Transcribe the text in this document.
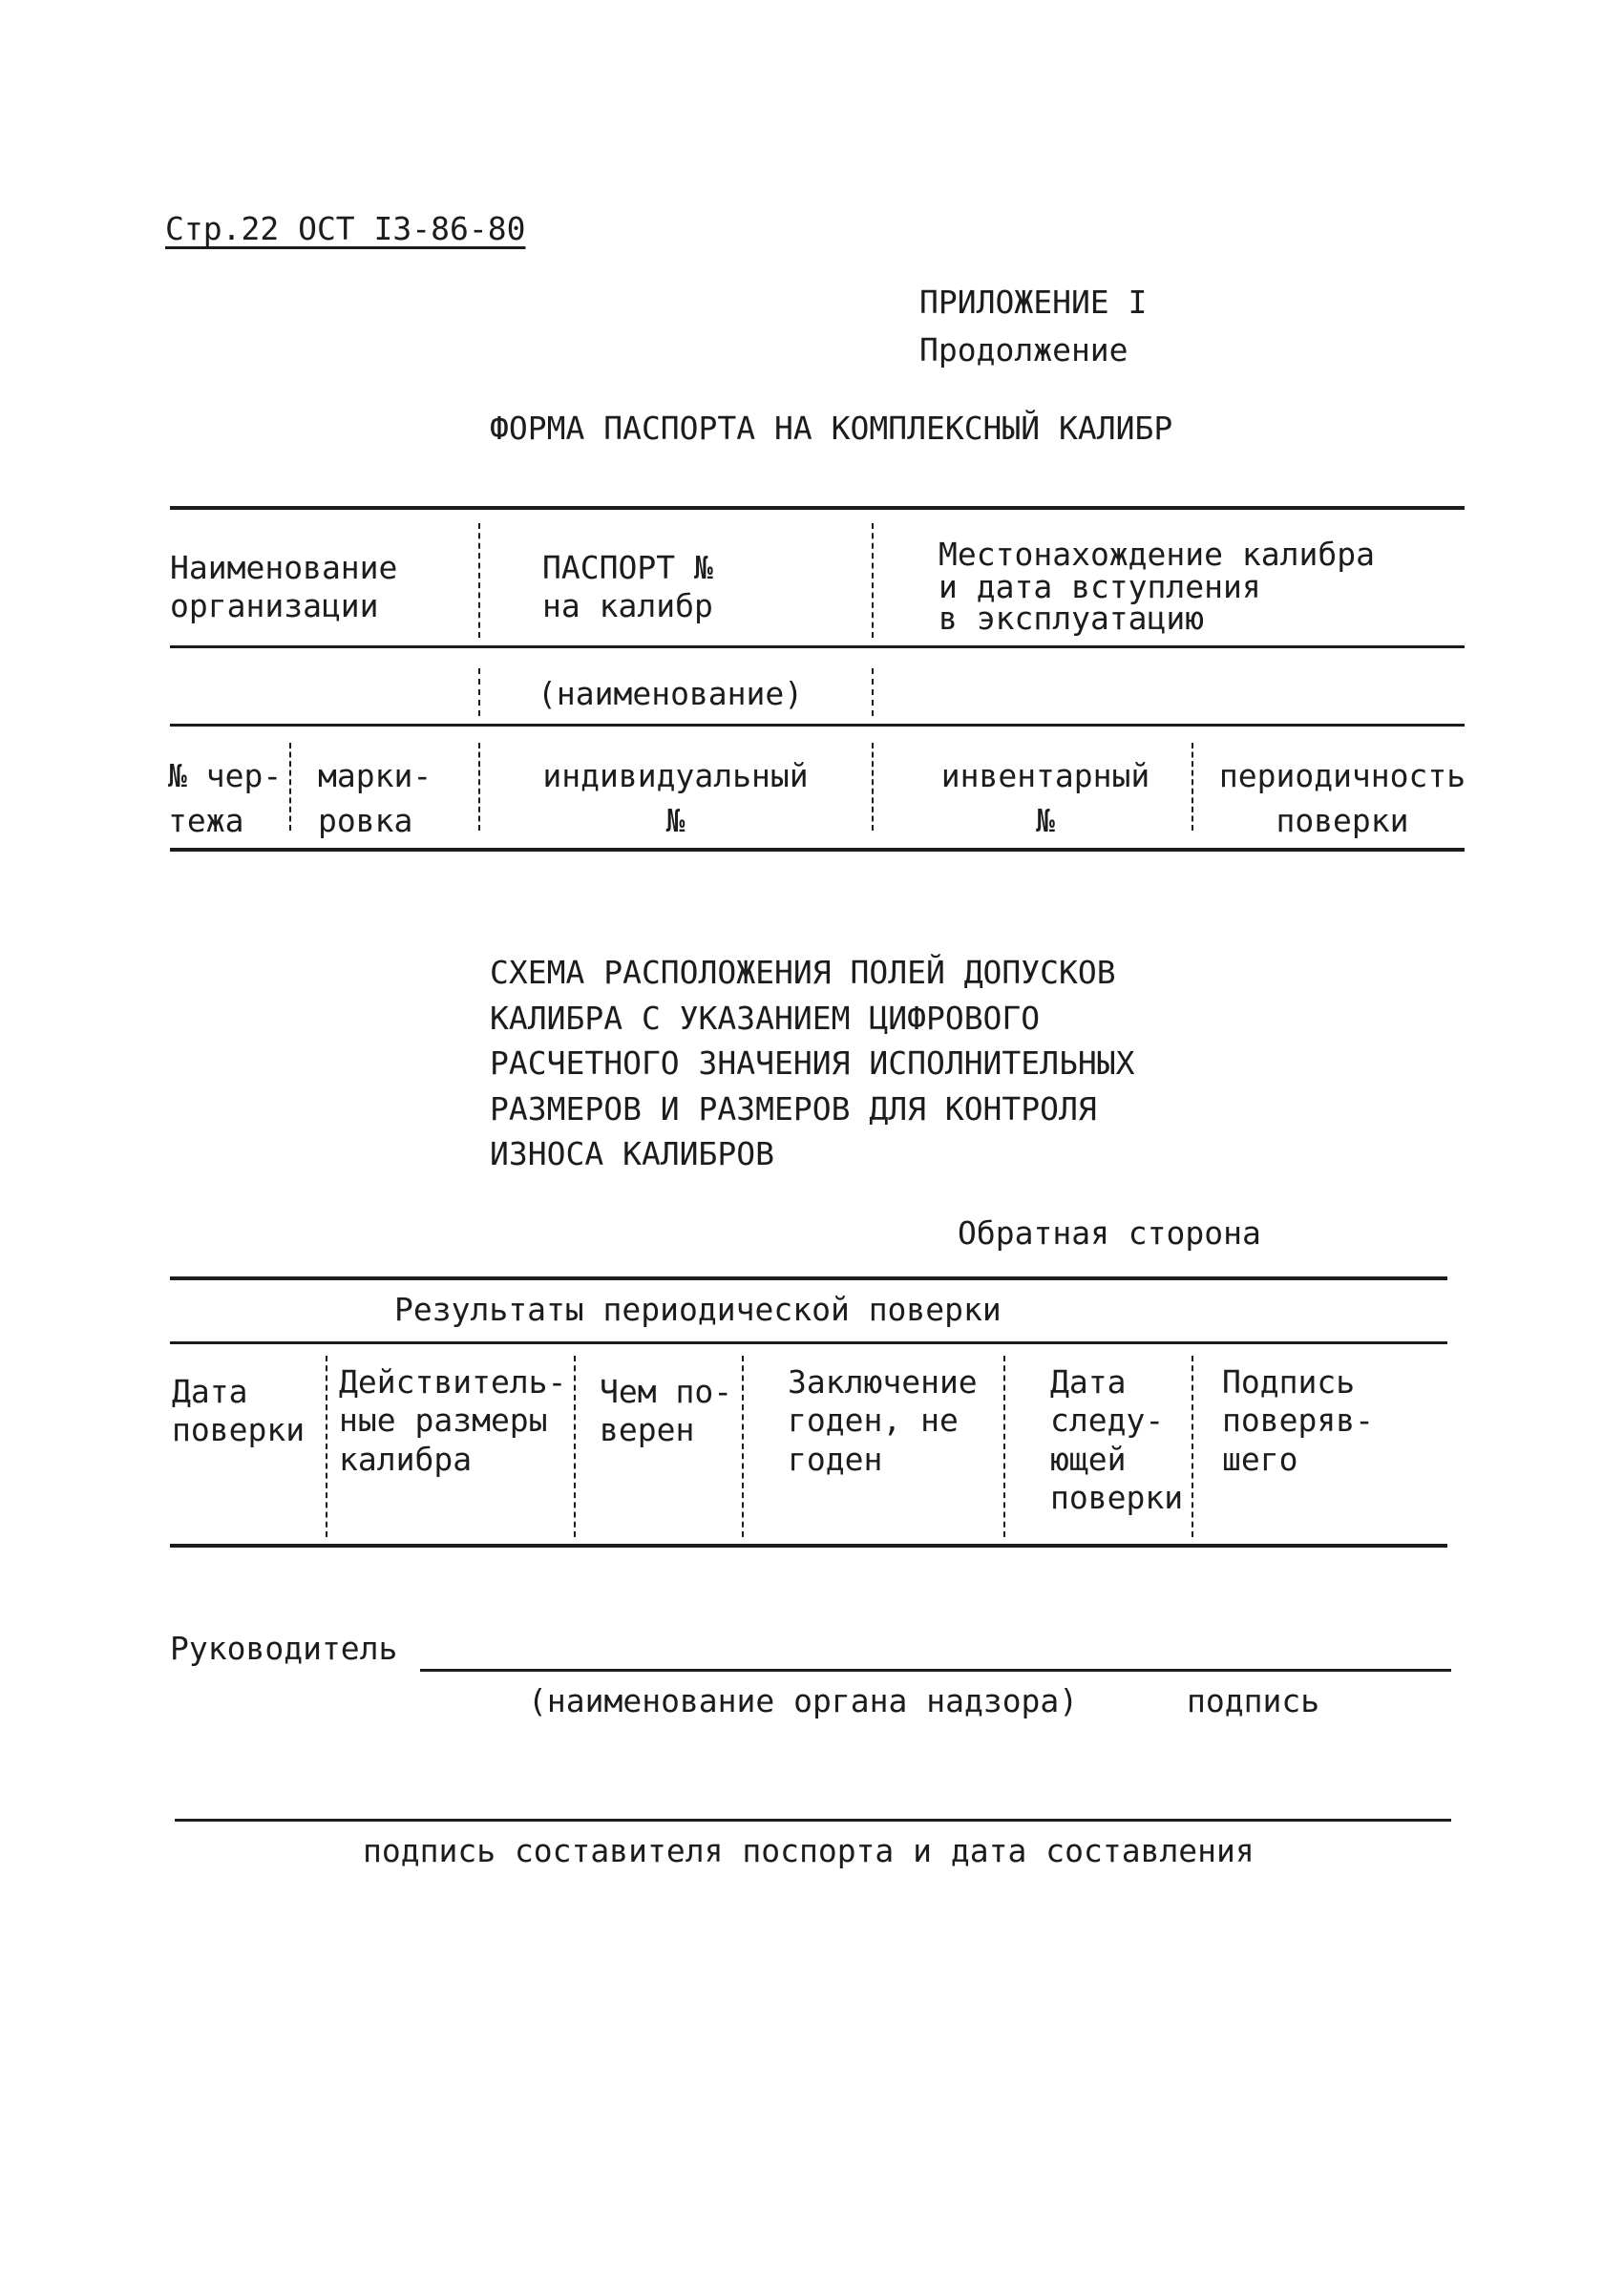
Стр.22 ОСТ I3-86-80
ПРИЛОЖЕНИЕ I
Продолжение
ФОРМА ПАСПОРТА НА КОМПЛЕКСНЫЙ КАЛИБР
Наименование
организации
ПАСПОРТ №
на калибр
Местонахождение калибра
и дата вступления
в эксплуатацию
(наименование)
№ чер-
тежа
марки-
ровка
индивидуальный
№
инвентарный
№
периодичность
поверки
СХЕМА РАСПОЛОЖЕНИЯ ПОЛЕЙ ДОПУСКОВ
КАЛИБРА С УКАЗАНИЕМ ЦИФРОВОГО
РАСЧЕТНОГО ЗНАЧЕНИЯ ИСПОЛНИТЕЛЬНЫХ
РАЗМЕРОВ И РАЗМЕРОВ ДЛЯ КОНТРОЛЯ
ИЗНОСА КАЛИБРОВ
Обратная сторона
Результаты периодической поверки
Дата
поверки
Действитель-
ные размеры
калибра
Чем по-
верен
Заключение
годен, не
годен
Дата
следу-
ющей
поверки
Подпись
поверяв-
шего
Руководитель
(наименование органа надзора)	подпись
подпись составителя поспорта и дата составления
